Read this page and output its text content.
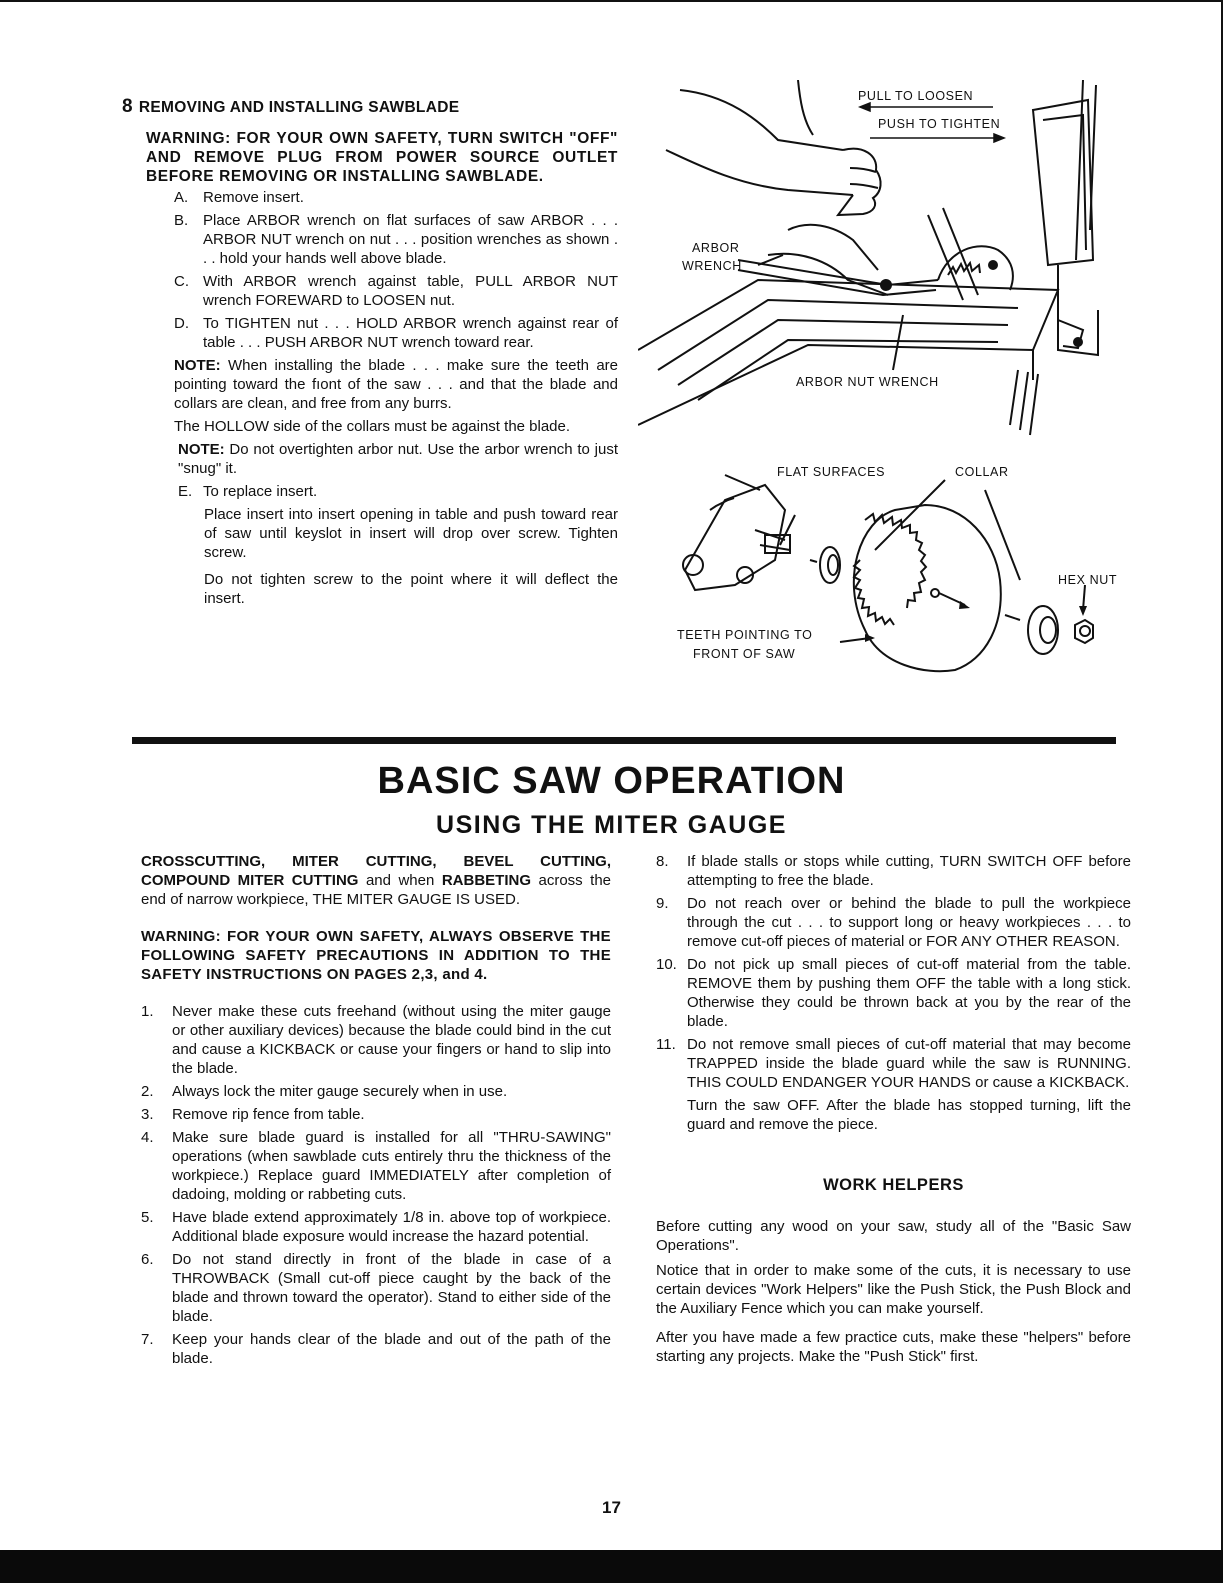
8 REMOVING AND INSTALLING SAWBLADE
WARNING: FOR YOUR OWN SAFETY, TURN SWITCH "OFF" AND REMOVE PLUG FROM POWER SOURCE OUTLET BEFORE REMOVING OR INSTALLING SAWBLADE.
A. Remove insert.
B. Place ARBOR wrench on flat surfaces of saw ARBOR . . . ARBOR NUT wrench on nut . . . position wrenches as shown . . . hold your hands well above blade.
C. With ARBOR wrench against table, PULL ARBOR NUT wrench FOREWARD to LOOSEN nut.
D. To TIGHTEN nut . . . HOLD ARBOR wrench against rear of table . . . PUSH ARBOR NUT wrench toward rear.
NOTE: When installing the blade . . . make sure the teeth are pointing toward the fıont of the saw . . . and that the blade and collars are clean, and free from any burrs.
The HOLLOW side of the collars must be against the blade.
NOTE: Do not overtighten arbor nut. Use the arbor wrench to just "snug" it.
E. To replace insert.
Place insert into insert opening in table and push toward rear of saw until keyslot in insert will drop over screw. Tighten screw.
Do not tighten screw to the point where it will deflect the insert.
PULL TO LOOSEN
PUSH TO TIGHTEN
ARBOR
WRENCH
ARBOR NUT WRENCH
FLAT SURFACES	COLLAR
HEX NUT
TEETH POINTING TO
FRONT OF SAW
BASIC SAW OPERATION
USING THE MITER GAUGE
CROSSCUTTING, MITER CUTTING, BEVEL CUTTING, COMPOUND MITER CUTTING and when RABBETING across the end of narrow workpiece, THE MITER GAUGE IS USED.
WARNING: FOR YOUR OWN SAFETY, ALWAYS OBSERVE THE FOLLOWING SAFETY PRECAUTIONS IN ADDITION TO THE SAFETY INSTRUCTIONS ON PAGES 2,3, and 4.
1.	Never make these cuts freehand (without using the miter gauge or other auxiliary devices) because the blade could bind in the cut and cause a KICKBACK or cause your fingers or hand to slip into the blade.
2.	Always lock the miter gauge securely when in use.
3.	Remove rip fence from table.
4.	Make sure blade guard is installed for all "THRU-SAWING" operations (when sawblade cuts entirely thru the thickness of the workpiece.) Replace guard IMMEDIATELY after completion of dadoing, molding or rabbeting cuts.
5.	Have blade extend approximately 1/8 in. above top of workpiece. Additional blade exposure would increase the hazard potential.
6.	Do not stand directly in front of the blade in case of a THROWBACK (Small cut-off piece caught by the back of the blade and thrown toward the operator). Stand to either side of the blade.
7.	Keep your hands clear of the blade and out of the path of the blade.
8.	If blade stalls or stops while cutting, TURN SWITCH OFF before attempting to free the blade.
9.	Do not reach over or behind the blade to pull the workpiece through the cut . . . to support long or heavy workpieces . . . to remove cut-off pieces of material or FOR ANY OTHER REASON.
10. Do not pick up small pieces of cut-off material from the table. REMOVE them by pushing them OFF the table with a long stick. Otherwise they could be thrown back at you by the rear of the blade.
11. Do not remove small pieces of cut-off material that may become TRAPPED inside the blade guard while the saw is RUNNING. THIS COULD ENDANGER YOUR HANDS or cause a KICKBACK.
Turn the saw OFF. After the blade has stopped turning, lift the guard and remove the piece.
WORK HELPERS
Before cutting any wood on your saw, study all of the "Basic Saw Operations".
Notice that in order to make some of the cuts, it is necessary to use certain devices "Work Helpers" like the Push Stick, the Push Block and the Auxiliary Fence which you can make yourself.
After you have made a few practice cuts, make these "helpers" before starting any projects. Make the "Push Stick" first.
17
